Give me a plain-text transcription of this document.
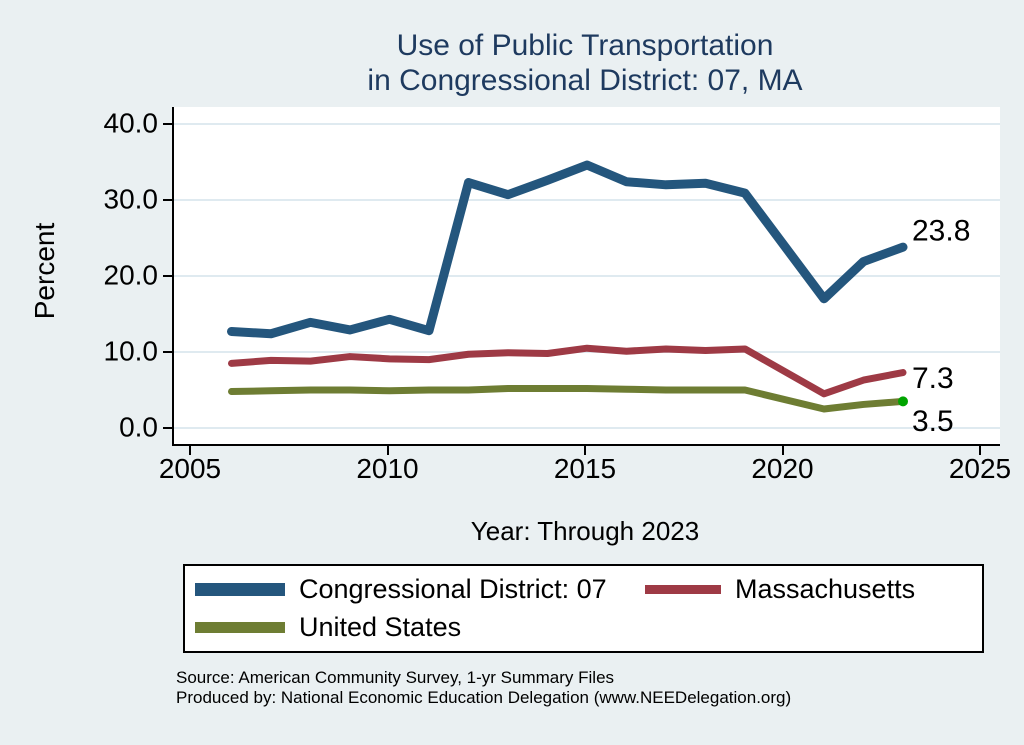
Use of Public Transportation
in Congressional District: 07, MA
Percent	23.8
7.3
3.5
0.0
10.0
20.0
30.0
40.0
2005	2010	2015	2020	2025
Year: Through 2023
Congressional District: 07	Massachusetts
United States
Source: American Community Survey, 1-yr Summary Files
Produced by: National Economic Education Delegation (www.NEEDelegation.org)
